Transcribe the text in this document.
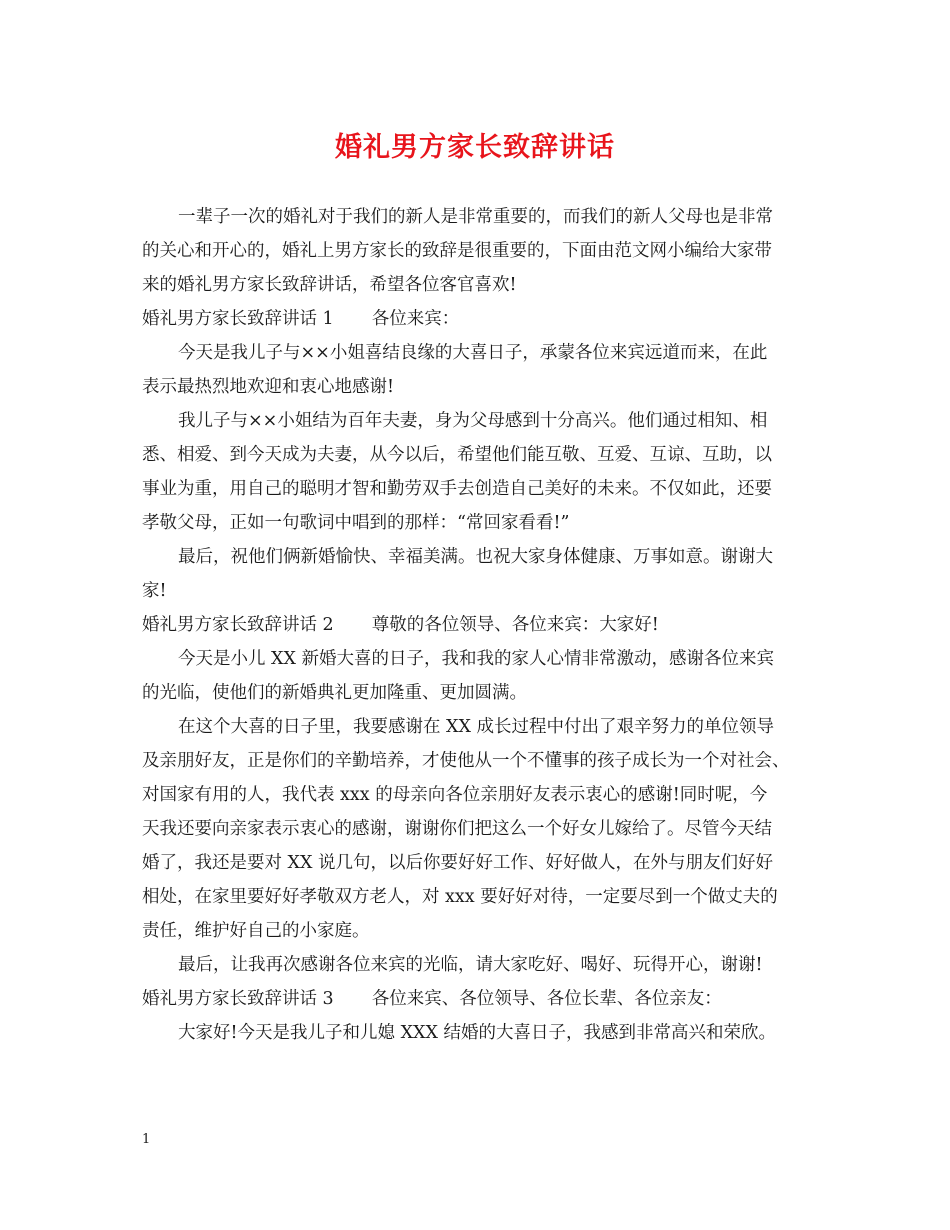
婚礼男方家长致辞讲话
一辈子一次的婚礼对于我们的新人是非常重要的，而我们的新人父母也是非常
的关心和开心的，婚礼上男方家长的致辞是很重要的，下面由范文网小编给大家带
来的婚礼男方家长致辞讲话，希望各位客官喜欢!
婚礼男方家长致辞讲话 1 各位来宾：
今天是我儿子与××小姐喜结良缘的大喜日子，承蒙各位来宾远道而来，在此
表示最热烈地欢迎和衷心地感谢!
我儿子与××小姐结为百年夫妻，身为父母感到十分高兴。他们通过相知、相
悉、相爱、到今天成为夫妻，从今以后，希望他们能互敬、互爱、互谅、互助，以
事业为重，用自己的聪明才智和勤劳双手去创造自己美好的未来。不仅如此，还要
孝敬父母，正如一句歌词中唱到的那样：“常回家看看!”
最后，祝他们俩新婚愉快、幸福美满。也祝大家身体健康、万事如意。谢谢大
家!
婚礼男方家长致辞讲话 2 尊敬的各位领导、各位来宾：大家好!
今天是小儿 XX 新婚大喜的日子，我和我的家人心情非常激动，感谢各位来宾
的光临，使他们的新婚典礼更加隆重、更加圆满。
在这个大喜的日子里，我要感谢在 XX 成长过程中付出了艰辛努力的单位领导
及亲朋好友，正是你们的辛勤培养，才使他从一个不懂事的孩子成长为一个对社会、
对国家有用的人，我代表 xxx 的母亲向各位亲朋好友表示衷心的感谢!同时呢，今
天我还要向亲家表示衷心的感谢，谢谢你们把这么一个好女儿嫁给了。尽管今天结
婚了，我还是要对 XX 说几句，以后你要好好工作、好好做人，在外与朋友们好好
相处，在家里要好好孝敬双方老人，对 xxx 要好好对待，一定要尽到一个做丈夫的
责任，维护好自己的小家庭。
最后，让我再次感谢各位来宾的光临，请大家吃好、喝好、玩得开心，谢谢!
婚礼男方家长致辞讲话 3 各位来宾、各位领导、各位长辈、各位亲友：
大家好!今天是我儿子和儿媳 XXX 结婚的大喜日子，我感到非常高兴和荣欣。
1
